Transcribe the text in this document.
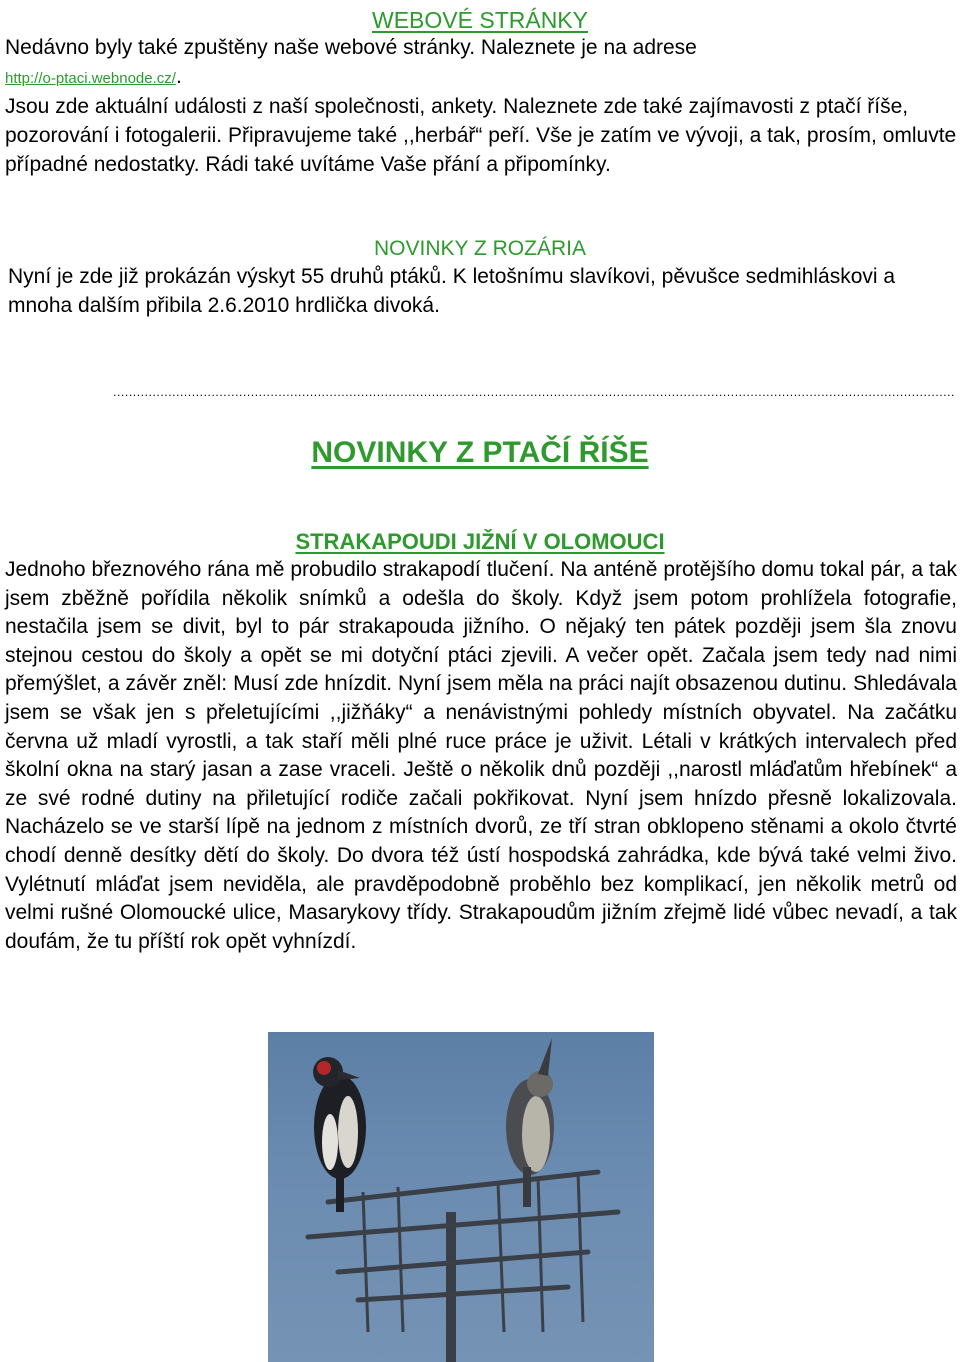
WEBOVÉ STRÁNKY
Nedávno byly také zpuštěny naše webové stránky. Naleznete je na adrese
http://o-ptaci.webnode.cz/.
Jsou zde aktuální události z naší společnosti, ankety. Naleznete zde také zajímavosti z ptačí říše, pozorování i fotogalerii. Připravujeme také ,,herbář“ peří. Vše je zatím ve vývoji, a tak, prosím, omluvte případné nedostatky. Rádi také uvítáme Vaše přání a připomínky.
NOVINKY Z ROZÁRIA
Nyní je zde již prokázán výskyt 55 druhů ptáků. K letošnímu slavíkovi, pěvušce sedmihláskovi a mnoha dalším přibila 2.6.2010 hrdlička divoká.
......................................................................................................................................................................................................................
NOVINKY Z PTAČÍ ŘÍŠE
STRAKAPOUDI JIŽNÍ V OLOMOUCI
Jednoho březnového rána mě probudilo strakapodí tlučení. Na anténě protějšího domu tokal pár, a tak jsem zběžně pořídila několik snímků a odešla do školy. Když jsem potom prohlížela fotografie, nestačila jsem se divit, byl to pár strakapouda jižního. O nějaký ten pátek později jsem šla znovu stejnou cestou do školy a opět se mi dotyční ptáci zjevili. A večer opět. Začala jsem tedy nad nimi přemýšlet, a závěr zněl: Musí zde hnízdit. Nyní jsem měla na práci najít obsazenou dutinu. Shledávala jsem se však jen s přeletujícími ,,jižňáky“ a nenávistnými pohledy místních obyvatel. Na začátku června už mladí vyrostli, a tak staří měli plné ruce práce je uživit. Létali v krátkých intervalech před školní okna na starý jasan a zase vraceli. Ještě o několik dnů později ,,narostl mláďatům hřebínek“ a ze své rodné dutiny na přiletující rodiče začali pokřikovat. Nyní jsem hnízdo přesně lokalizovala. Nacházelo se ve starší lípě na jednom z místních dvorů, ze tří stran obklopeno stěnami a okolo čtvrté chodí denně desítky dětí do školy. Do dvora též ústí hospodská zahrádka, kde bývá také velmi živo. Vylétnutí mláďat jsem neviděla, ale pravděpodobně proběhlo bez komplikací, jen několik metrů od velmi rušné Olomoucké ulice, Masarykovy třídy. Strakapoudům jižním zřejmě lidé vůbec nevadí, a tak doufám, že tu příští rok opět vyhnízdí.
